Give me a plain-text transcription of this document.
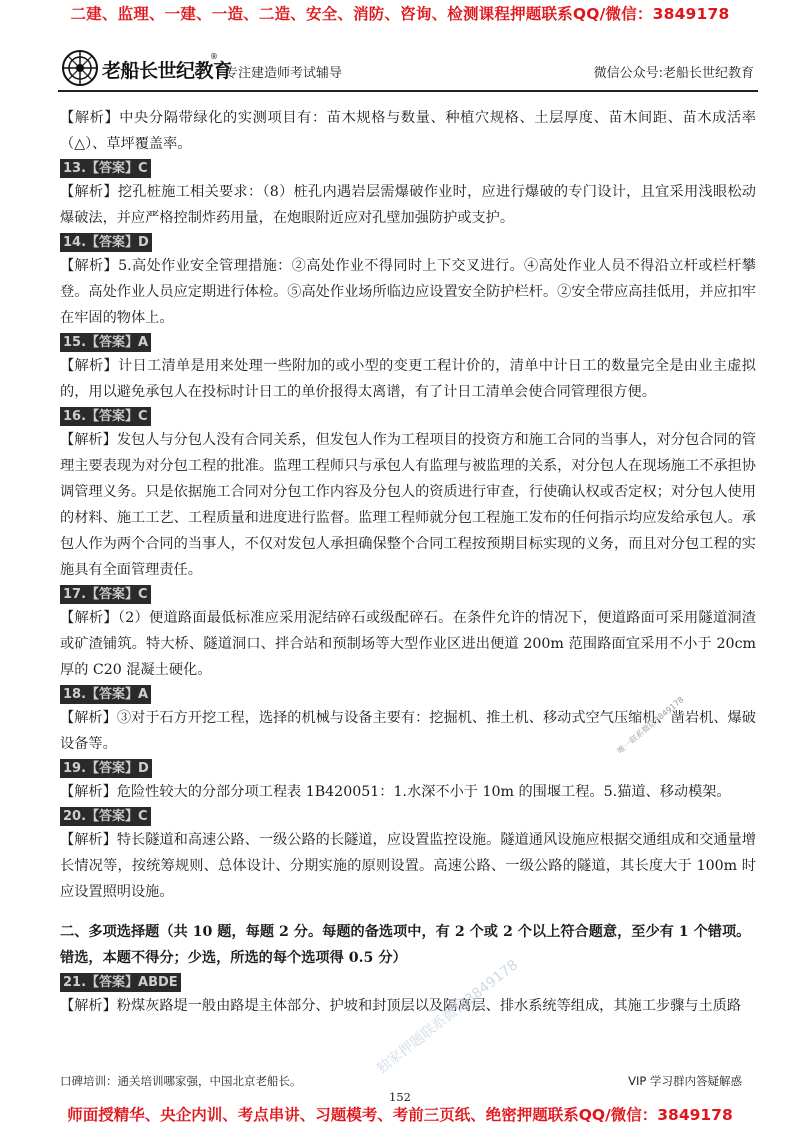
二建、监理、一建、一造、二造、安全、消防、咨询、检测课程押题联系QQ/微信：3849178
老船长世纪教育
®
专注建造师考试辅导	微信公众号:老船长世纪教育

【解析】中央分隔带绿化的实测项目有：苗木规格与数量、种植穴规格、土层厚度、苗木间距、苗木成活率（△）、草坪覆盖率。

13.【答案】C

【解析】挖孔桩施工相关要求：（8）桩孔内遇岩层需爆破作业时，应进行爆破的专门设计，且宜采用浅眼松动爆破法，并应严格控制炸药用量，在炮眼附近应对孔壁加强防护或支护。

14.【答案】D

【解析】5.高处作业安全管理措施：②高处作业不得同时上下交叉进行。④高处作业人员不得沿立杆或栏杆攀登。高处作业人员应定期进行体检。⑤高处作业场所临边应设置安全防护栏杆。②安全带应高挂低用，并应扣牢在牢固的物体上。

15.【答案】A

【解析】计日工清单是用来处理一些附加的或小型的变更工程计价的，清单中计日工的数量完全是由业主虚拟的，用以避免承包人在投标时计日工的单价报得太离谱，有了计日工清单会使合同管理很方便。

16.【答案】C

【解析】发包人与分包人没有合同关系，但发包人作为工程项目的投资方和施工合同的当事人，对分包合同的管理主要表现为对分包工程的批准。监理工程师只与承包人有监理与被监理的关系，对分包人在现场施工不承担协调管理义务。只是依据施工合同对分包工作内容及分包人的资质进行审查，行使确认权或否定权；对分包人使用的材料、施工工艺、工程质量和进度进行监督。监理工程师就分包工程施工发布的任何指示均应发给承包人。承包人作为两个合同的当事人，不仅对发包人承担确保整个合同工程按预期目标实现的义务，而且对分包工程的实施具有全面管理责任。

17.【答案】C

【解析】（2）便道路面最低标准应采用泥结碎石或级配碎石。在条件允许的情况下，便道路面可采用隧道洞渣或矿渣铺筑。特大桥、隧道洞口、拌合站和预制场等大型作业区进出便道 200m 范围路面宜采用不小于 20cm 厚的 C20 混凝土硬化。

18.【答案】A

【解析】③对于石方开挖工程，选择的机械与设备主要有：挖掘机、推土机、移动式空气压缩机、凿岩机、爆破设备等。

19.【答案】D

【解析】危险性较大的分部分项工程表 1B420051：1.水深不小于 10m 的围堰工程。5.猫道、移动模架。

20.【答案】C

【解析】特长隧道和高速公路、一级公路的长隧道，应设置监控设施。隧道通风设施应根据交通组成和交通量增长情况等，按统筹规则、总体设计、分期实施的原则设置。高速公路、一级公路的隧道，其长度大于 100m 时应设置照明设施。

二、多项选择题（共 10 题，每题 2 分。每题的备选项中，有 2 个或 2 个以上符合题意，至少有 1 个错项。错选，本题不得分；少选，所选的每个选项得 0.5 分）

21.【答案】ABDE

【解析】粉煤灰路堤一般由路堤主体部分、护坡和封顶层以及隔离层、排水系统等组成，其施工步骤与土质路

唯一联系微信3849178
独家押题联系微信3849178
口碑培训：通关培训哪家强，中国北京老船长。	VIP 学习群内答疑解惑
152
师面授精华、央企内训、考点串讲、习题模考、考前三页纸、绝密押题联系QQ/微信：3849178
